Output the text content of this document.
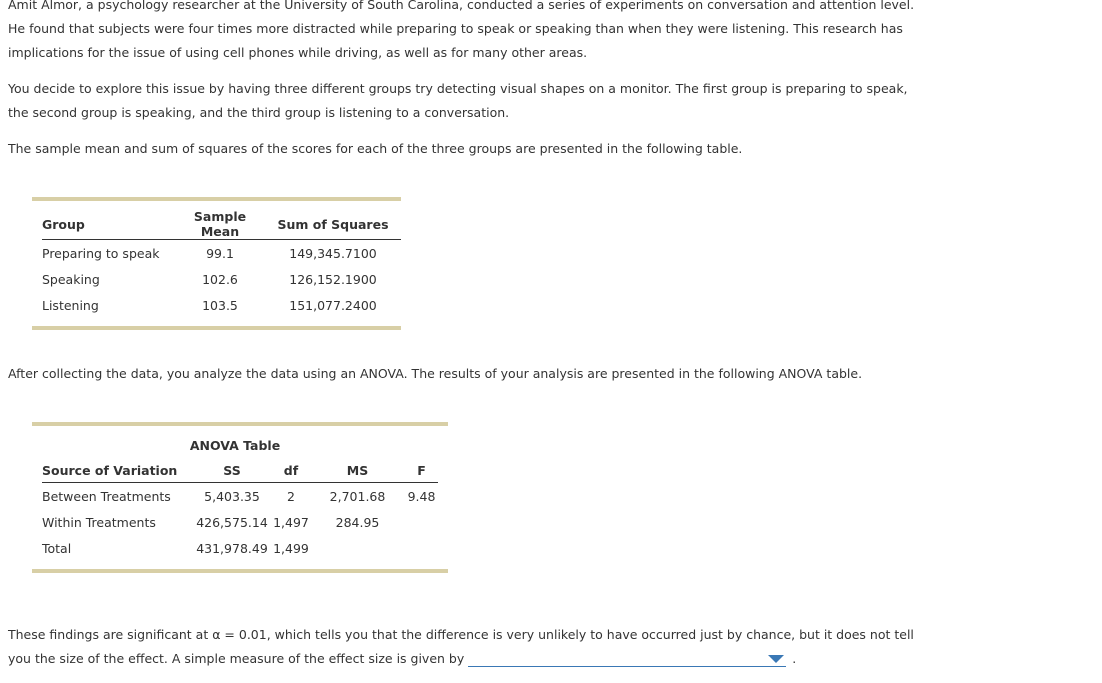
Amit Almor, a psychology researcher at the University of South Carolina, conducted a series of experiments on conversation and attention level. He found that subjects were four times more distracted while preparing to speak or speaking than when they were listening. This research has implications for the issue of using cell phones while driving, as well as for many other areas.

You decide to explore this issue by having three different groups try detecting visual shapes on a monitor. The first group is preparing to speak, the second group is speaking, and the third group is listening to a conversation.

The sample mean and sum of squares of the scores for each of the three groups are presented in the following table.

Group	Sample Mean	Sum of Squares
Preparing to speak	99.1	149,345.7100
Speaking	102.6	126,152.1900
Listening	103.5	151,077.2400

After collecting the data, you analyze the data using an ANOVA. The results of your analysis are presented in the following ANOVA table.

ANOVA Table
Source of Variation	SS	df	MS	F
Between Treatments	5,403.35	2	2,701.68	9.48
Within Treatments	426,575.14	1,497	284.95	
Total	431,978.49	1,499		

These findings are significant at α = 0.01, which tells you that the difference is very unlikely to have occurred just by chance, but it does not tell you the size of the effect. A simple measure of the effect size is given by	.
